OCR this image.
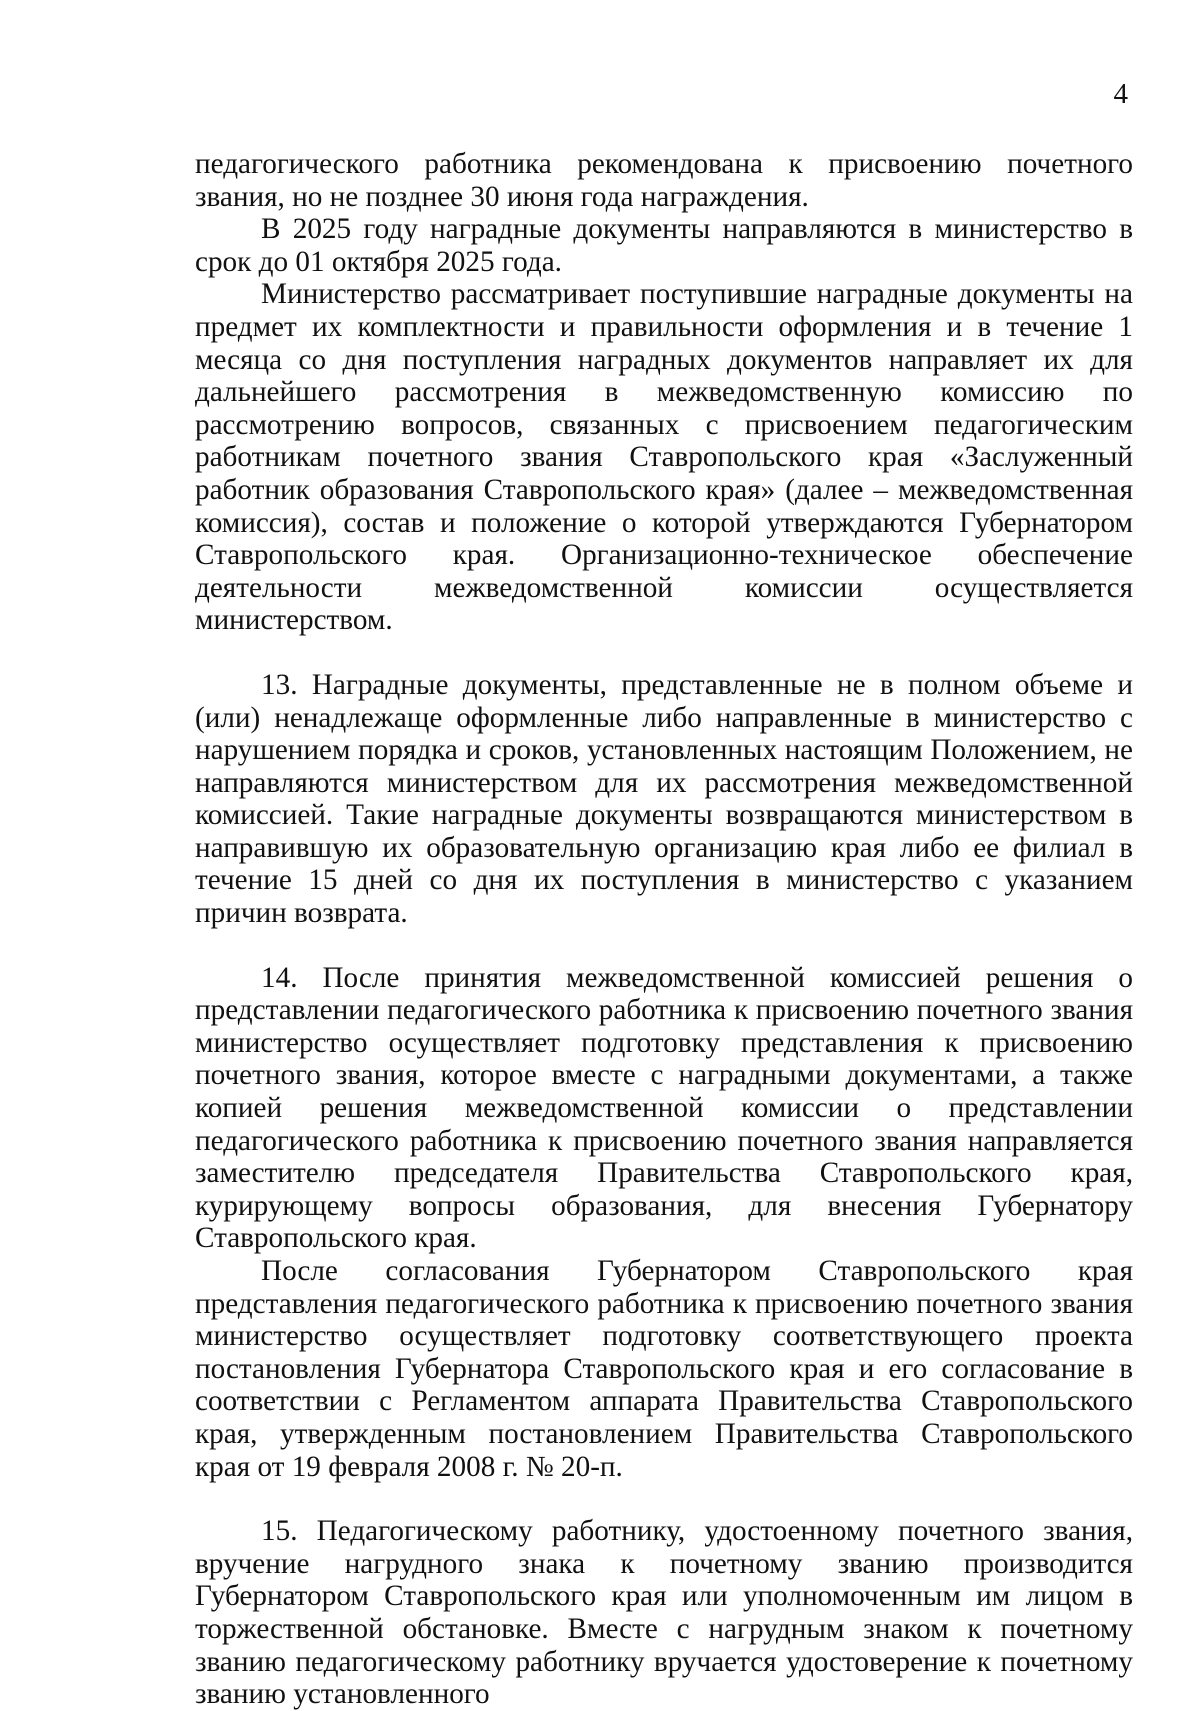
4

педагогического работника рекомендована к присвоению почетного звания, но не позднее 30 июня года награждения.

В 2025 году наградные документы направляются в министерство в срок до 01 октября 2025 года.

Министерство рассматривает поступившие наградные документы на предмет их комплектности и правильности оформления и в течение 1 месяца со дня поступления наградных документов направляет их для дальнейшего рассмотрения в межведомственную комиссию по рассмотрению вопросов, связанных с присвоением педагогическим работникам почетного звания Ставропольского края «Заслуженный работник образования Ставропольского края» (далее – межведомственная комиссия), состав и положение о которой утверждаются Губернатором Ставропольского края. Организационно-техническое обеспечение деятельности межведомственной комиссии осуществляется министерством.

13. Наградные документы, представленные не в полном объеме и (или) ненадлежаще оформленные либо направленные в министерство с нарушением порядка и сроков, установленных настоящим Положением, не направляются министерством для их рассмотрения межведомственной комиссией. Такие наградные документы возвращаются министерством в направившую их образовательную организацию края либо ее филиал в течение 15 дней со дня их поступления в министерство с указанием причин возврата.

14. После принятия межведомственной комиссией решения о представлении педагогического работника к присвоению почетного звания министерство осуществляет подготовку представления к присвоению почетного звания, которое вместе с наградными документами, а также копией решения межведомственной комиссии о представлении педагогического работника к присвоению почетного звания направляется заместителю председателя Правительства Ставропольского края, курирующему вопросы образования, для внесения Губернатору Ставропольского края.

После согласования Губернатором Ставропольского края представления педагогического работника к присвоению почетного звания министерство осуществляет подготовку соответствующего проекта постановления Губернатора Ставропольского края и его согласование в соответствии с Регламентом аппарата Правительства Ставропольского края, утвержденным постановлением Правительства Ставропольского края от 19 февраля 2008 г. № 20-п.

15. Педагогическому работнику, удостоенному почетного звания, вручение нагрудного знака к почетному званию производится Губернатором Ставропольского края или уполномоченным им лицом в торжественной обстановке. Вместе с нагрудным знаком к почетному званию педагогическому работнику вручается удостоверение к почетному званию установленного
